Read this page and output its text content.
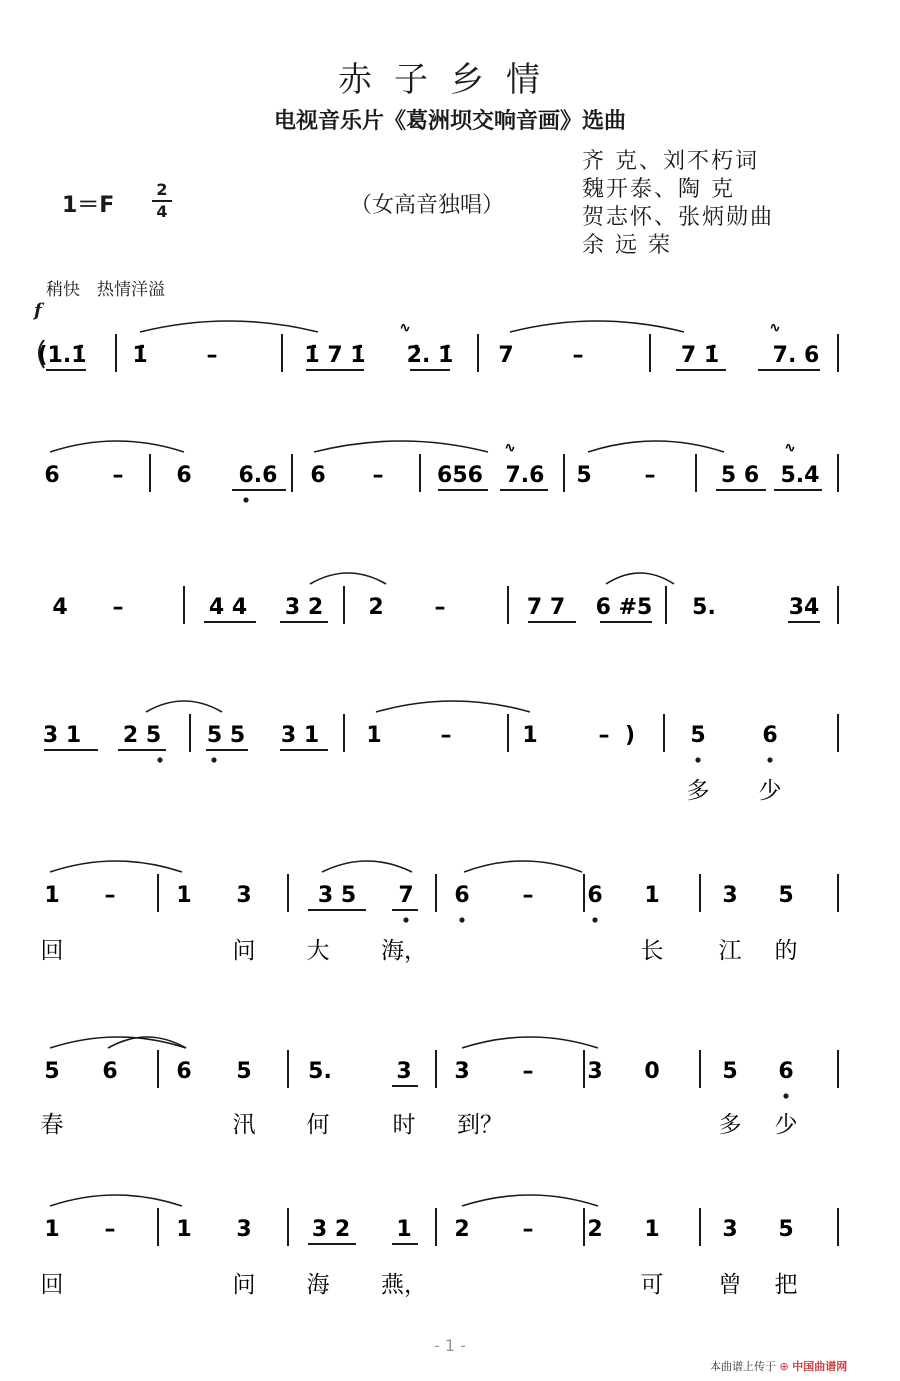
赤子乡情
电视音乐片《葛洲坝交响音画》选曲
齐 克、刘不朽词
魏开泰、陶 克
贺志怀、张炳勋曲
余 远 荣
1＝F
2
4	（女高音独唱）
稍快　热情洋溢
f
(1.1̇ 1̇	–	1̇ 7 1̇ 2̇. 1̇ 7	–	7 1̇ 7. 6
6 – 6 6.6 6 – 656 7.6 5 –	5 6 5.4
4 –	4 4 3 2 2 –	7 7 6 #5 5.	34
3 1 2 5 5 5 3 1 1	–	1	– )	5	6
多 少
1 –	1 3	3 5 7 6 – 6 1	3 5
回	问 大 海，	长 江 的
5 6	6 5	5.	3 3 – 3 0	5 6
春	汛 何	时 到？	多 少
1 –	1 3	3 2 1 2 – 2 1	3 5
回	问 海 燕，	可 曾 把
∿	∿
∿	∿
- 1 -
本曲谱上传于 ⊕ 中国曲谱网
